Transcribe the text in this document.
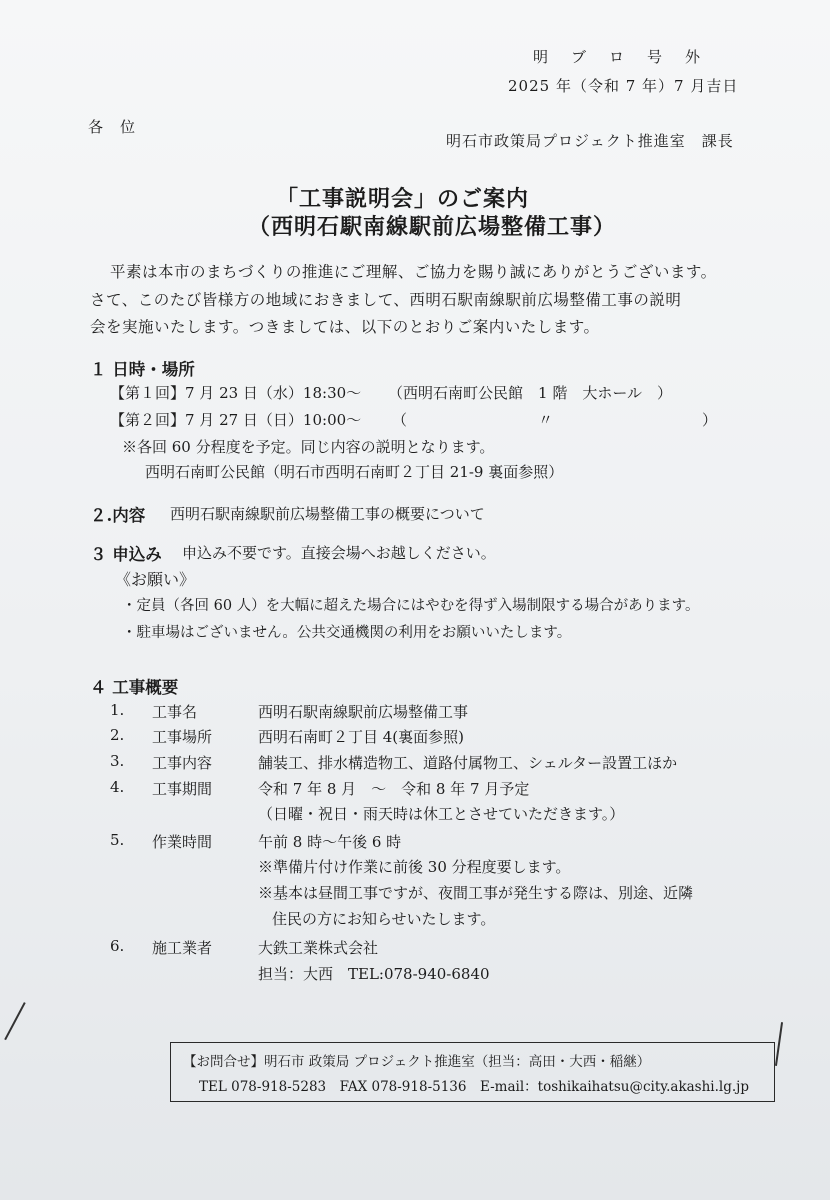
明　ブ　ロ　号　外
2025 年（令和 7 年）7 月吉日
各　位
明石市政策局プロジェクト推進室　課長
「工事説明会」のご案内
（西明石駅南線駅前広場整備工事）
平素は本市のまちづくりの推進にご理解、ご協力を賜り誠にありがとうございます。
さて、このたび皆様方の地域におきまして、西明石駅南線駅前広場整備工事の説明
会を実施いたします。つきましては、以下のとおりご案内いたします。
１ 日時・場所
【第１回】 7 月 23 日（水）18:30～ （西明石南町公民館　1 階　大ホール　）
【第２回】 7 月 27 日（日）10:00～ （	〃	）
※各回 60 分程度を予定。同じ内容の説明となります。
西明石南町公民館（明石市西明石南町２丁目 21-9 裏面参照）
２.内容 西明石駅南線駅前広場整備工事の概要について
３ 申込み 申込み不要です。直接会場へお越しください。
《お願い》
・定員（各回 60 人）を大幅に超えた場合にはやむを得ず入場制限する場合があります。
・駐車場はございません。公共交通機関の利用をお願いいたします。
４ 工事概要
1. 工事名	西明石駅南線駅前広場整備工事
2. 工事場所	西明石南町２丁目 4(裏面参照)
3. 工事内容	舗装工、排水構造物工、道路付属物工、シェルター設置工ほか
4. 工事期間	令和 7 年 8 月　～　令和 8 年 7 月予定
（日曜・祝日・雨天時は休工とさせていただきます。）
5. 作業時間	午前 8 時～午後 6 時
※準備片付け作業に前後 30 分程度要します。
※基本は昼間工事ですが、夜間工事が発生する際は、別途、近隣
住民の方にお知らせいたします。
6. 施工業者	大鉄工業株式会社
担当：大西　TEL:078-940-6840
【お問合せ】明石市 政策局 プロジェクト推進室（担当：高田・大西・稲継）
TEL 078-918-5283　FAX 078-918-5136　E-mail：toshikaihatsu@city.akashi.lg.jp
